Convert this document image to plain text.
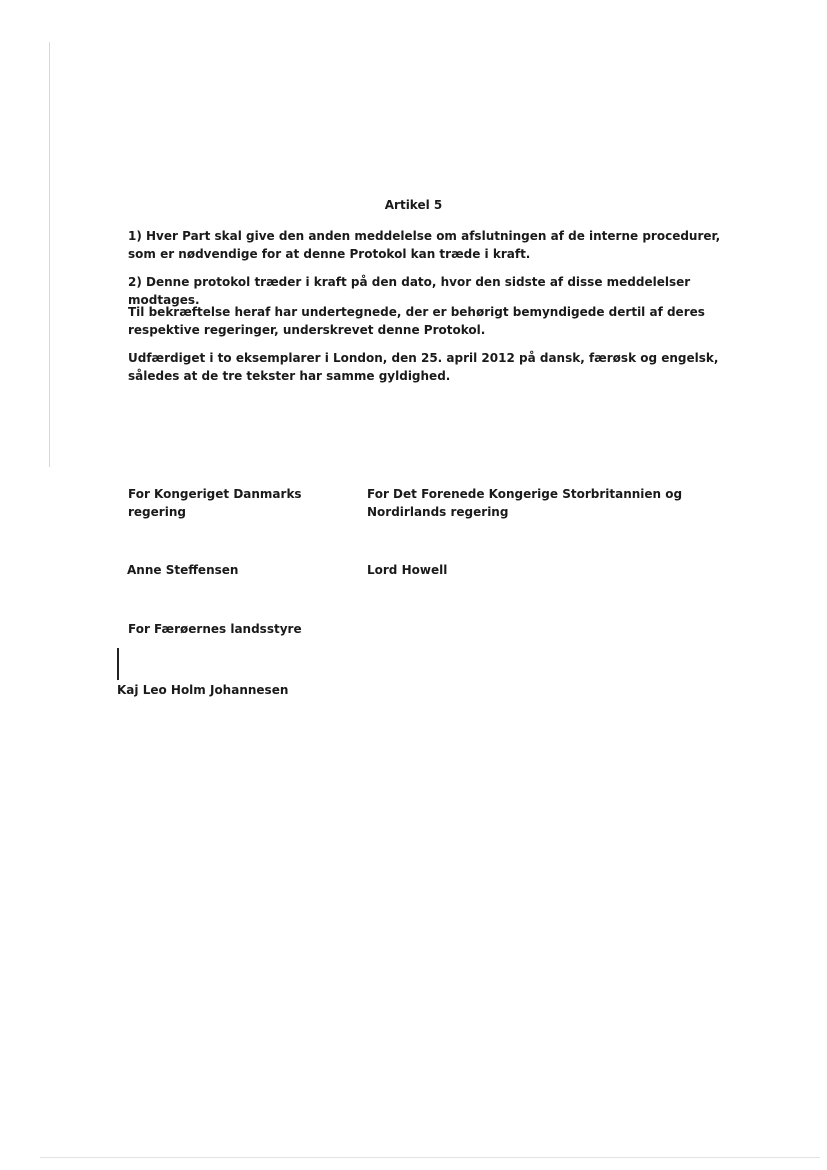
Artikel 5

1) Hver Part skal give den anden meddelelse om afslutningen af de interne procedurer, som er nødvendige for at denne Protokol kan træde i kraft.

2) Denne protokol træder i kraft på den dato, hvor den sidste af disse meddelelser modtages.

Til bekræftelse heraf har undertegnede, der er behørigt bemyndigede dertil af deres respektive regeringer, underskrevet denne Protokol.

Udfærdiget i to eksemplarer i London, den 25. april 2012 på dansk, færøsk og engelsk, således at de tre tekster har samme gyldighed.

For Kongeriget Danmarks regering

For Det Forenede Kongerige Storbritannien og Nordirlands regering

Anne Steffensen	Lord Howell

For Færøernes landsstyre

Kaj Leo Holm Johannesen
